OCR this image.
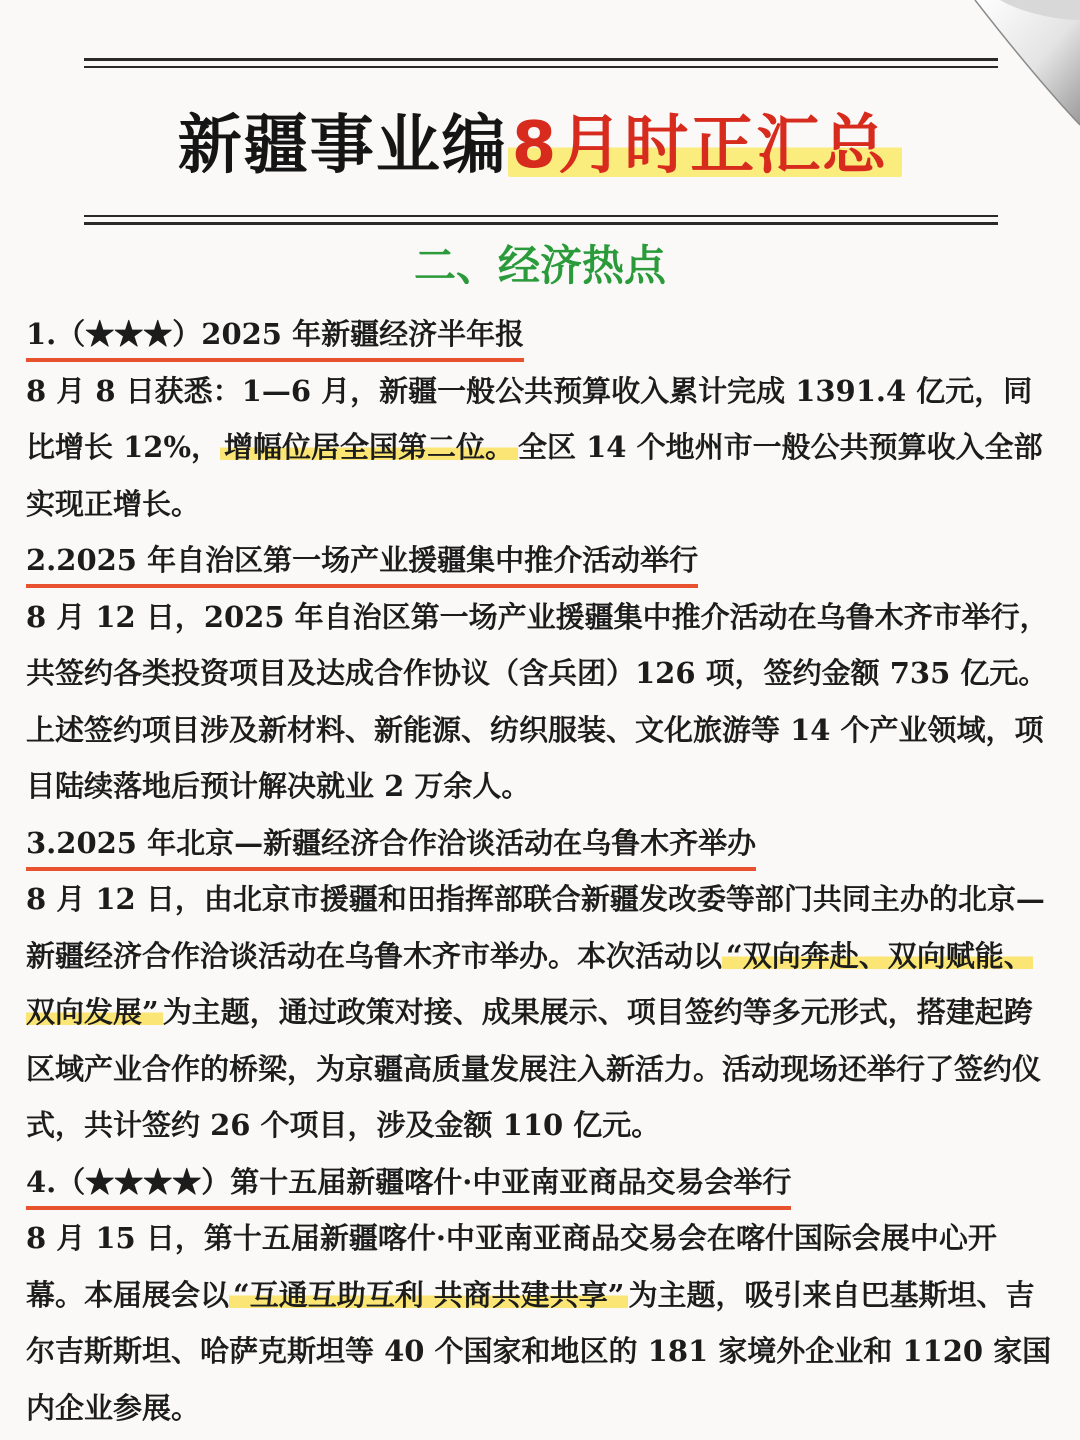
新疆事业编8月时正汇总
二、经济热点
1.（★★★）2025 年新疆经济半年报

8 月 8 日获悉：1—6 月，新疆一般公共预算收入累计完成 1391.4 亿元，同比增长 12%， 增幅位居全国第二位。 全区 14 个地州市一般公共预算收入全部实现正增长。

2.2025 年自治区第一场产业援疆集中推介活动举行

8 月 12 日，2025 年自治区第一场产业援疆集中推介活动在乌鲁木齐市举行，共签约各类投资项目及达成合作协议（含兵团）126 项，签约金额 735 亿元。上述签约项目涉及新材料、新能源、纺织服装、文化旅游等 14 个产业领域，项目陆续落地后预计解决就业 2 万余人。

3.2025 年北京—新疆经济合作洽谈活动在乌鲁木齐举办

8 月 12 日，由北京市援疆和田指挥部联合新疆发改委等部门共同主办的北京—新疆经济合作洽谈活动在乌鲁木齐市举办。本次活动以 “双向奔赴、双向赋能、双向发展” 为主题，通过政策对接、成果展示、项目签约等多元形式，搭建起跨区域产业合作的桥梁，为京疆高质量发展注入新活力。活动现场还举行了签约仪式，共计签约 26 个项目，涉及金额 110 亿元。

4.（★★★★）第十五届新疆喀什·中亚南亚商品交易会举行

8 月 15 日，第十五届新疆喀什·中亚南亚商品交易会在喀什国际会展中心开幕。本届展会以 “互通互助互利 共商共建共享” 为主题，吸引来自巴基斯坦、吉尔吉斯斯坦、哈萨克斯坦等 40 个国家和地区的 181 家境外企业和 1120 家国内企业参展。
